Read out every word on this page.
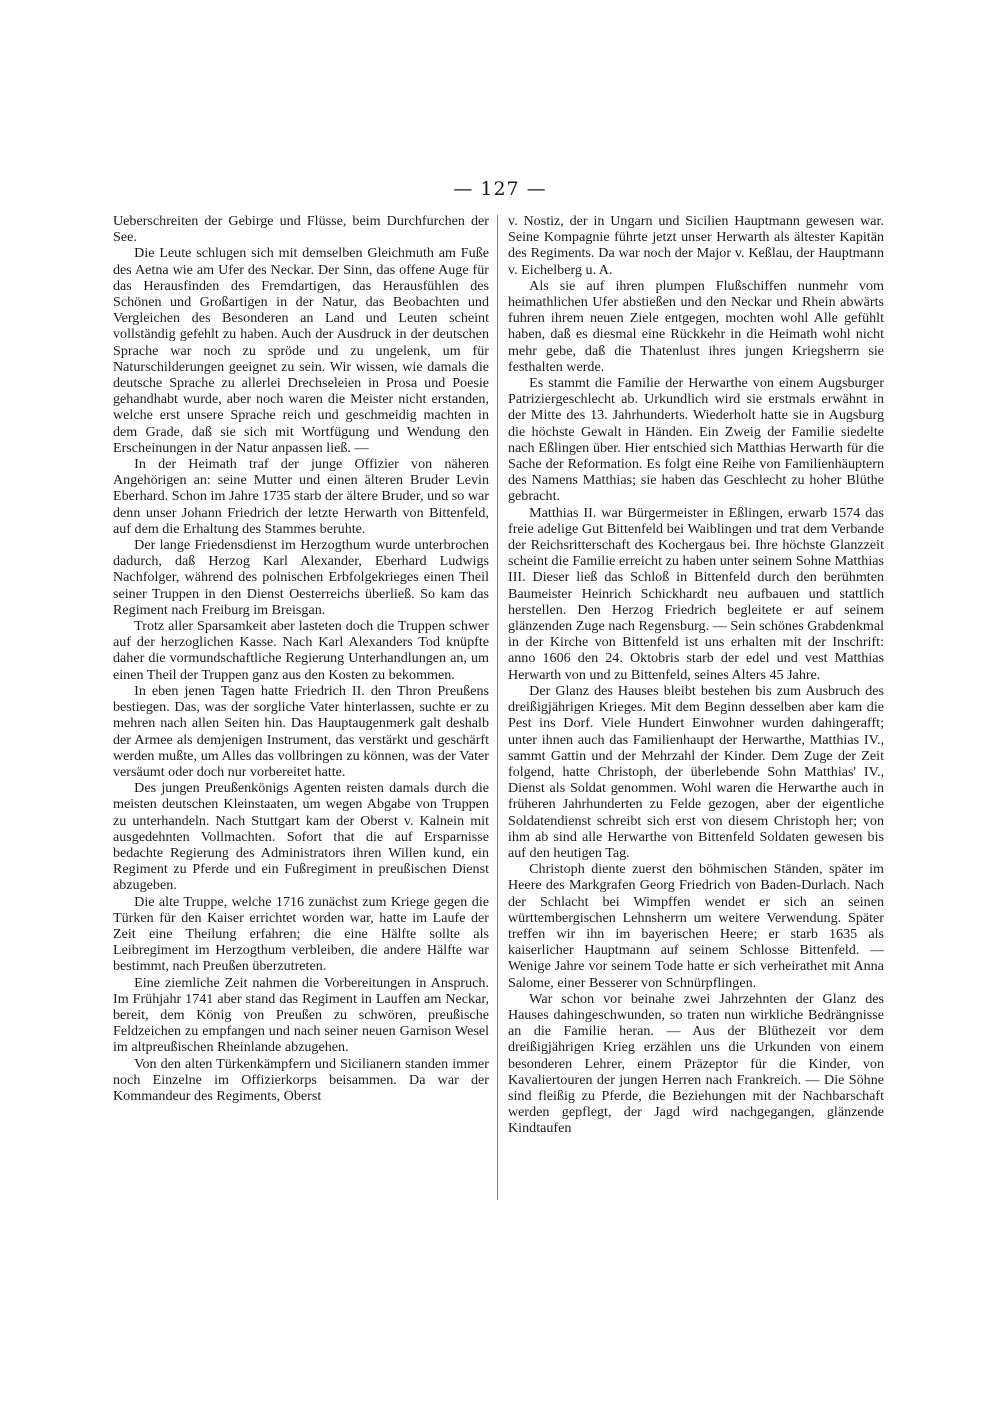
— 127 —

Ueberschreiten der Gebirge und Flüsse, beim Durchfurchen der See.

Die Leute schlugen sich mit demselben Gleichmuth am Fuße des Aetna wie am Ufer des Neckar. Der Sinn, das offene Auge für das Herausfinden des Fremdartigen, das Herausfühlen des Schönen und Großartigen in der Natur, das Beobachten und Vergleichen des Besonderen an Land und Leuten scheint vollständig gefehlt zu haben. Auch der Ausdruck in der deutschen Sprache war noch zu spröde und zu ungelenk, um für Naturschilderungen geeignet zu sein. Wir wissen, wie damals die deutsche Sprache zu allerlei Drechseleien in Prosa und Poesie gehandhabt wurde, aber noch waren die Meister nicht erstanden, welche erst unsere Sprache reich und geschmeidig machten in dem Grade, daß sie sich mit Wortfügung und Wendung den Erscheinungen in der Natur anpassen ließ. —

In der Heimath traf der junge Offizier von näheren Angehörigen an: seine Mutter und einen älteren Bruder Levin Eberhard. Schon im Jahre 1735 starb der ältere Bruder, und so war denn unser Johann Friedrich der letzte Herwarth von Bittenfeld, auf dem die Erhaltung des Stammes beruhte.

Der lange Friedensdienst im Herzogthum wurde unterbrochen dadurch, daß Herzog Karl Alexander, Eberhard Ludwigs Nachfolger, während des polnischen Erbfolgekrieges einen Theil seiner Truppen in den Dienst Oesterreichs überließ. So kam das Regiment nach Freiburg im Breisgan.

Trotz aller Sparsamkeit aber lasteten doch die Truppen schwer auf der herzoglichen Kasse. Nach Karl Alexanders Tod knüpfte daher die vormundschaftliche Regierung Unterhandlungen an, um einen Theil der Truppen ganz aus den Kosten zu bekommen.

In eben jenen Tagen hatte Friedrich II. den Thron Preußens bestiegen. Das, was der sorgliche Vater hinterlassen, suchte er zu mehren nach allen Seiten hin. Das Hauptaugenmerk galt deshalb der Armee als demjenigen Instrument, das verstärkt und geschärft werden mußte, um Alles das vollbringen zu können, was der Vater versäumt oder doch nur vorbereitet hatte.

Des jungen Preußenkönigs Agenten reisten damals durch die meisten deutschen Kleinstaaten, um wegen Abgabe von Truppen zu unterhandeln. Nach Stuttgart kam der Oberst v. Kalnein mit ausgedehnten Vollmachten. Sofort that die auf Ersparnisse bedachte Regierung des Administrators ihren Willen kund, ein Regiment zu Pferde und ein Fußregiment in preußischen Dienst abzugeben.

Die alte Truppe, welche 1716 zunächst zum Kriege gegen die Türken für den Kaiser errichtet worden war, hatte im Laufe der Zeit eine Theilung erfahren; die eine Hälfte sollte als Leibregiment im Herzogthum verbleiben, die andere Hälfte war bestimmt, nach Preußen überzutreten.

Eine ziemliche Zeit nahmen die Vorbereitungen in Anspruch. Im Frühjahr 1741 aber stand das Regiment in Lauffen am Neckar, bereit, dem König von Preußen zu schwören, preußische Feldzeichen zu empfangen und nach seiner neuen Garnison Wesel im altpreußischen Rheinlande abzugehen.

Von den alten Türkenkämpfern und Sicilianern standen immer noch Einzelne im Offizierkorps beisammen. Da war der Kommandeur des Regiments, Oberst

v. Nostiz, der in Ungarn und Sicilien Hauptmann gewesen war. Seine Kompagnie führte jetzt unser Herwarth als ältester Kapitän des Regiments. Da war noch der Major v. Keßlau, der Hauptmann v. Eichelberg u. A.

Als sie auf ihren plumpen Flußschiffen nunmehr vom heimathlichen Ufer abstießen und den Neckar und Rhein abwärts fuhren ihrem neuen Ziele entgegen, mochten wohl Alle gefühlt haben, daß es diesmal eine Rückkehr in die Heimath wohl nicht mehr gebe, daß die Thatenlust ihres jungen Kriegsherrn sie festhalten werde.

Es stammt die Familie der Herwarthe von einem Augsburger Patriziergeschlecht ab. Urkundlich wird sie erstmals erwähnt in der Mitte des 13. Jahrhunderts. Wiederholt hatte sie in Augsburg die höchste Gewalt in Händen. Ein Zweig der Familie siedelte nach Eßlingen über. Hier entschied sich Matthias Herwarth für die Sache der Reformation. Es folgt eine Reihe von Familienhäuptern des Namens Matthias; sie haben das Geschlecht zu hoher Blüthe gebracht.

Matthias II. war Bürgermeister in Eßlingen, erwarb 1574 das freie adelige Gut Bittenfeld bei Waiblingen und trat dem Verbande der Reichsritterschaft des Kochergaus bei. Ihre höchste Glanzzeit scheint die Familie erreicht zu haben unter seinem Sohne Matthias III. Dieser ließ das Schloß in Bittenfeld durch den berühmten Baumeister Heinrich Schickhardt neu aufbauen und stattlich herstellen. Den Herzog Friedrich begleitete er auf seinem glänzenden Zuge nach Regensburg. — Sein schönes Grabdenkmal in der Kirche von Bittenfeld ist uns erhalten mit der Inschrift: anno 1606 den 24. Oktobris starb der edel und vest Matthias Herwarth von und zu Bittenfeld, seines Alters 45 Jahre.

Der Glanz des Hauses bleibt bestehen bis zum Ausbruch des dreißigjährigen Krieges. Mit dem Beginn desselben aber kam die Pest ins Dorf. Viele Hundert Einwohner wurden dahingerafft; unter ihnen auch das Familienhaupt der Herwarthe, Matthias IV., sammt Gattin und der Mehrzahl der Kinder. Dem Zuge der Zeit folgend, hatte Christoph, der überlebende Sohn Matthias' IV., Dienst als Soldat genommen. Wohl waren die Herwarthe auch in früheren Jahrhunderten zu Felde gezogen, aber der eigentliche Soldatendienst schreibt sich erst von diesem Christoph her; von ihm ab sind alle Herwarthe von Bittenfeld Soldaten gewesen bis auf den heutigen Tag.

Christoph diente zuerst den böhmischen Ständen, später im Heere des Markgrafen Georg Friedrich von Baden-Durlach. Nach der Schlacht bei Wimpffen wendet er sich an seinen württembergischen Lehnsherrn um weitere Verwendung. Später treffen wir ihn im bayerischen Heere; er starb 1635 als kaiserlicher Hauptmann auf seinem Schlosse Bittenfeld. — Wenige Jahre vor seinem Tode hatte er sich verheirathet mit Anna Salome, einer Besserer von Schnürpflingen.

War schon vor beinahe zwei Jahrzehnten der Glanz des Hauses dahingeschwunden, so traten nun wirkliche Bedrängnisse an die Familie heran. — Aus der Blüthezeit vor dem dreißigjährigen Krieg erzählen uns die Urkunden von einem besonderen Lehrer, einem Präzeptor für die Kinder, von Kavaliertouren der jungen Herren nach Frankreich. — Die Söhne sind fleißig zu Pferde, die Beziehungen mit der Nachbarschaft werden gepflegt, der Jagd wird nachgegangen, glänzende Kindtaufen
